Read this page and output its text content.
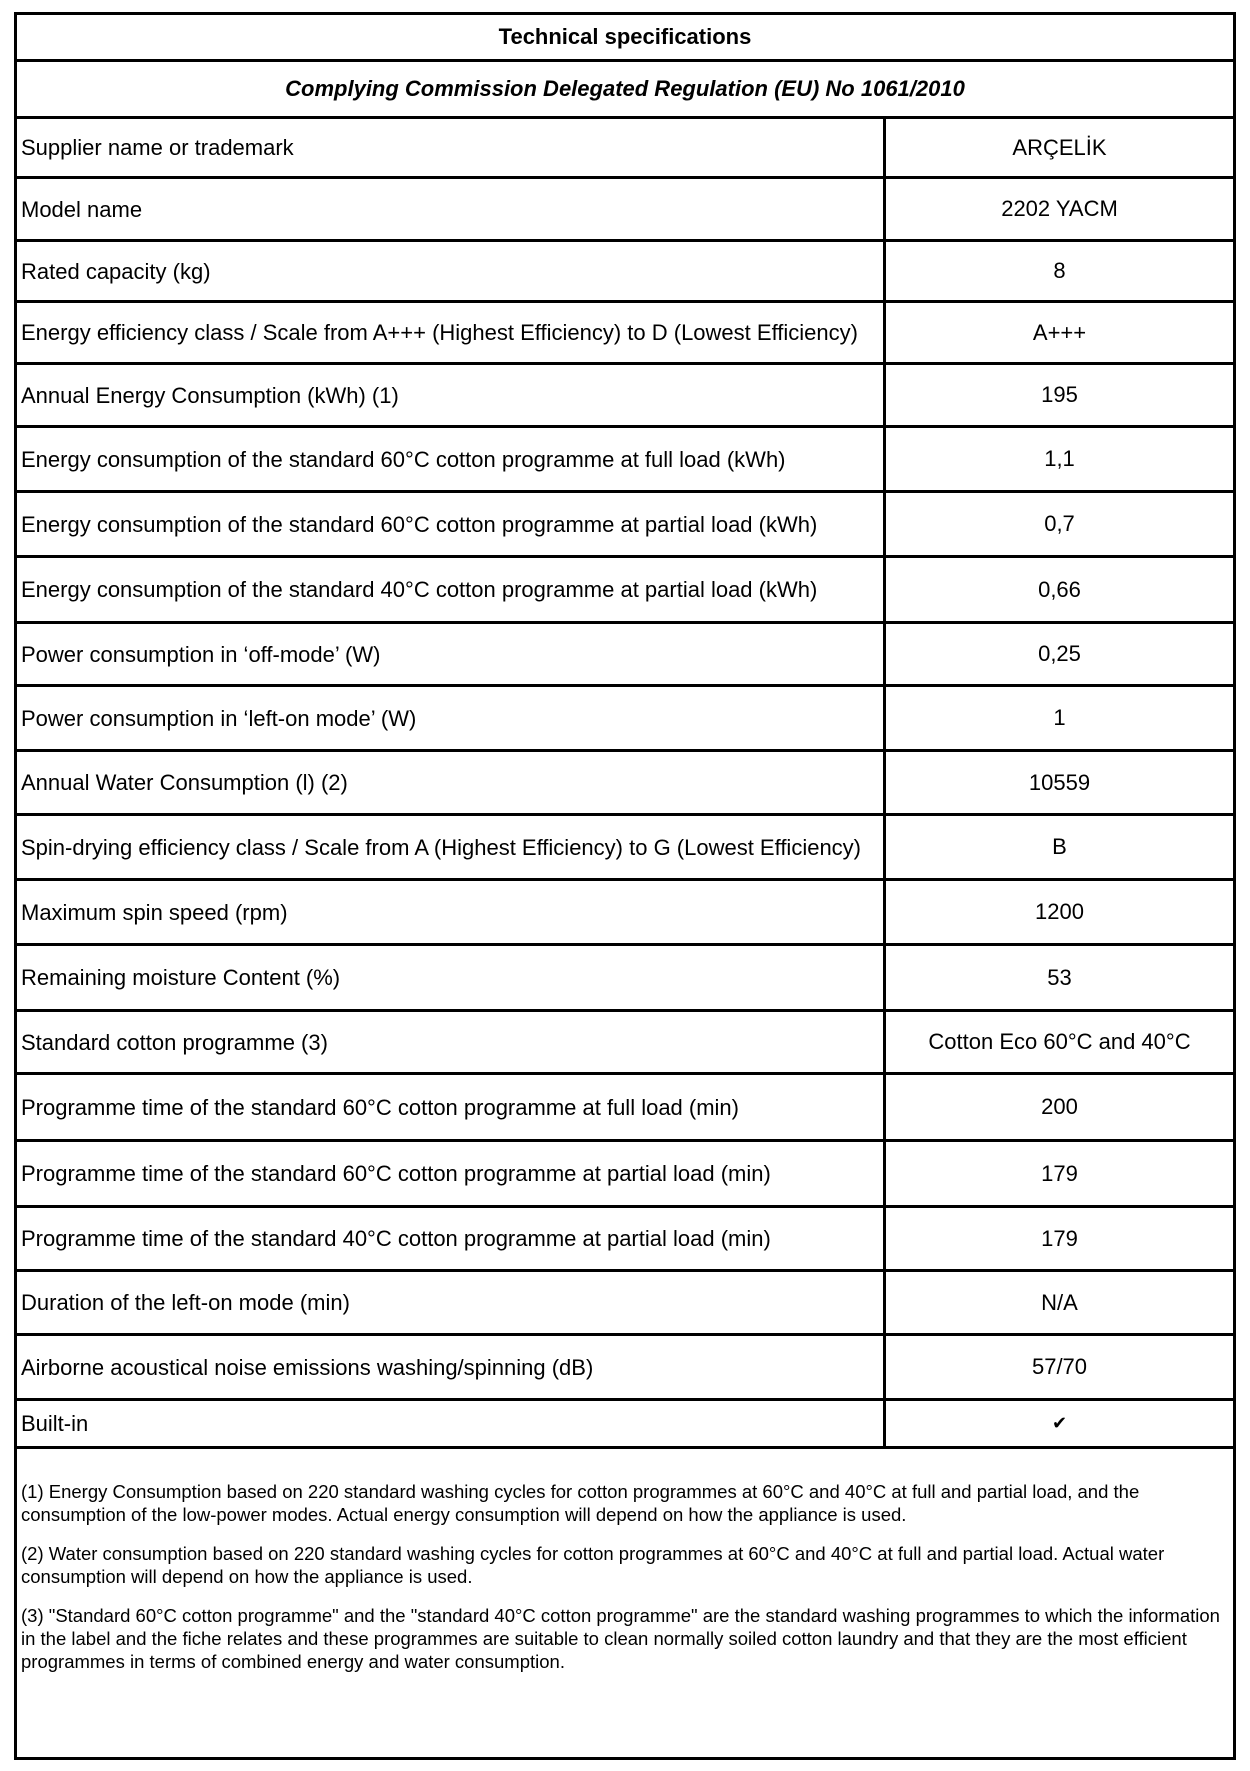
Technical specifications
Complying Commission Delegated Regulation (EU) No 1061/2010
Supplier name or trademark	ARÇELİK
Model name	2202 YACM
Rated capacity (kg)	8
Energy efficiency class / Scale from A+++ (Highest Efficiency) to D (Lowest Efficiency)	A+++
Annual Energy Consumption (kWh) (1)	195
Energy consumption of the standard 60°C cotton programme at full load (kWh)	1,1
Energy consumption of the standard 60°C cotton programme at partial load (kWh)	0,7
Energy consumption of the standard 40°C cotton programme at partial load (kWh)	0,66
Power consumption in ‘off-mode’ (W)	0,25
Power consumption in ‘left-on mode’ (W)	1
Annual Water Consumption (l) (2)	10559
Spin-drying efficiency class / Scale from A (Highest Efficiency) to G (Lowest Efficiency)	B
Maximum spin speed (rpm)	1200
Remaining moisture Content (%)	53
Standard cotton programme (3)	Cotton Eco 60°C and 40°C
Programme time of the standard 60°C cotton programme at full load (min)	200
Programme time of the standard 60°C cotton programme at partial load (min)	179
Programme time of the standard 40°C cotton programme at partial load (min)	179
Duration of the left-on mode (min)	N/A
Airborne acoustical noise emissions washing/spinning (dB)	57/70
Built-in	✔

(1) Energy Consumption based on 220 standard washing cycles for cotton programmes at 60°C and 40°C at full and partial load, and the consumption of the low-power modes. Actual energy consumption will depend on how the appliance is used.

(2) Water consumption based on 220 standard washing cycles for cotton programmes at 60°C and 40°C at full and partial load. Actual water consumption will depend on how the appliance is used.

(3) "Standard 60°C cotton programme" and the "standard 40°C cotton programme" are the standard washing programmes to which the information in the label and the fiche relates and these programmes are suitable to clean normally soiled cotton laundry and that they are the most efficient programmes in terms of combined energy and water consumption.
